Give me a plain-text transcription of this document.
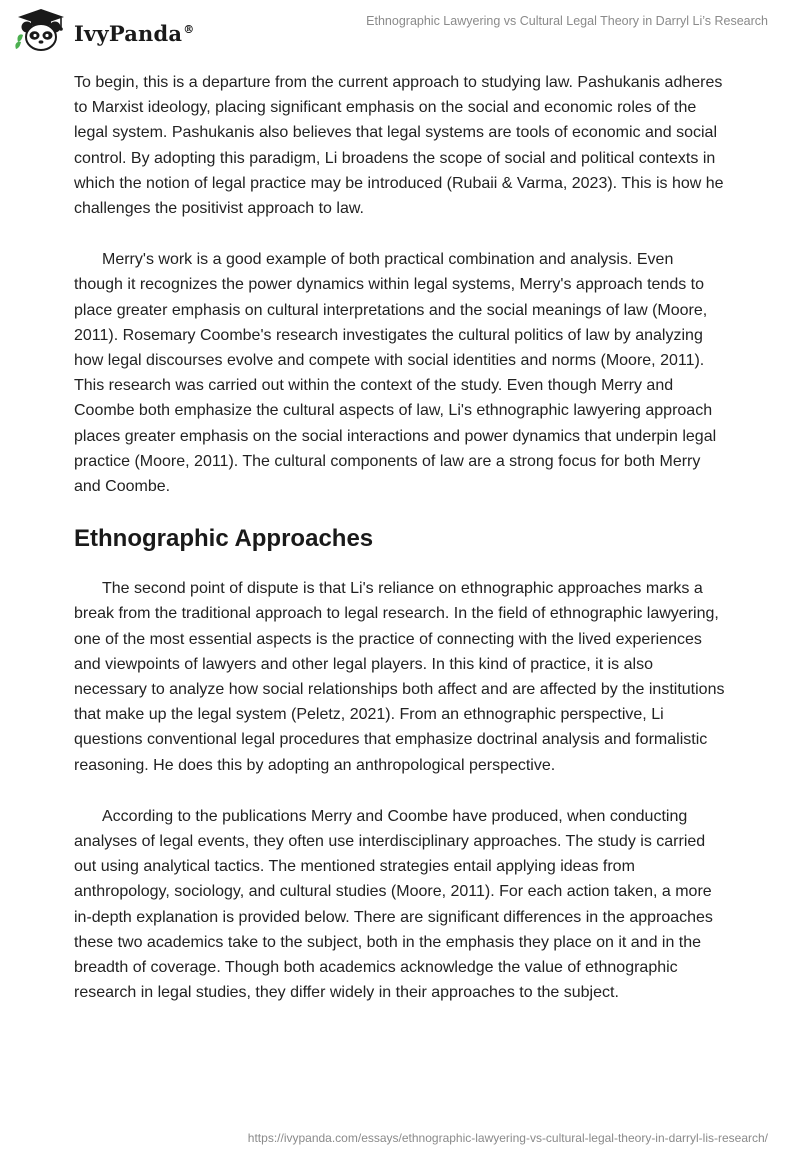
IvyPanda®
Ethnographic Lawyering vs Cultural Legal Theory in Darryl Li’s Research

To begin, this is a departure from the current approach to studying law. Pashukanis adheres to Marxist ideology, placing significant emphasis on the social and economic roles of the legal system. Pashukanis also believes that legal systems are tools of economic and social control. By adopting this paradigm, Li broadens the scope of social and political contexts in which the notion of legal practice may be introduced (Rubaii & Varma, 2023). This is how he challenges the positivist approach to law.

Merry's work is a good example of both practical combination and analysis. Even though it recognizes the power dynamics within legal systems, Merry's approach tends to place greater emphasis on cultural interpretations and the social meanings of law (Moore, 2011). Rosemary Coombe's research investigates the cultural politics of law by analyzing how legal discourses evolve and compete with social identities and norms (Moore, 2011). This research was carried out within the context of the study. Even though Merry and Coombe both emphasize the cultural aspects of law, Li's ethnographic lawyering approach places greater emphasis on the social interactions and power dynamics that underpin legal practice (Moore, 2011). The cultural components of law are a strong focus for both Merry and Coombe.

Ethnographic Approaches

The second point of dispute is that Li's reliance on ethnographic approaches marks a break from the traditional approach to legal research. In the field of ethnographic lawyering, one of the most essential aspects is the practice of connecting with the lived experiences and viewpoints of lawyers and other legal players. In this kind of practice, it is also necessary to analyze how social relationships both affect and are affected by the institutions that make up the legal system (Peletz, 2021). From an ethnographic perspective, Li questions conventional legal procedures that emphasize doctrinal analysis and formalistic reasoning. He does this by adopting an anthropological perspective.

According to the publications Merry and Coombe have produced, when conducting analyses of legal events, they often use interdisciplinary approaches. The study is carried out using analytical tactics. The mentioned strategies entail applying ideas from anthropology, sociology, and cultural studies (Moore, 2011). For each action taken, a more in-depth explanation is provided below. There are significant differences in the approaches these two academics take to the subject, both in the emphasis they place on it and in the breadth of coverage. Though both academics acknowledge the value of ethnographic research in legal studies, they differ widely in their approaches to the subject.

https://ivypanda.com/essays/ethnographic-lawyering-vs-cultural-legal-theory-in-darryl-lis-research/
